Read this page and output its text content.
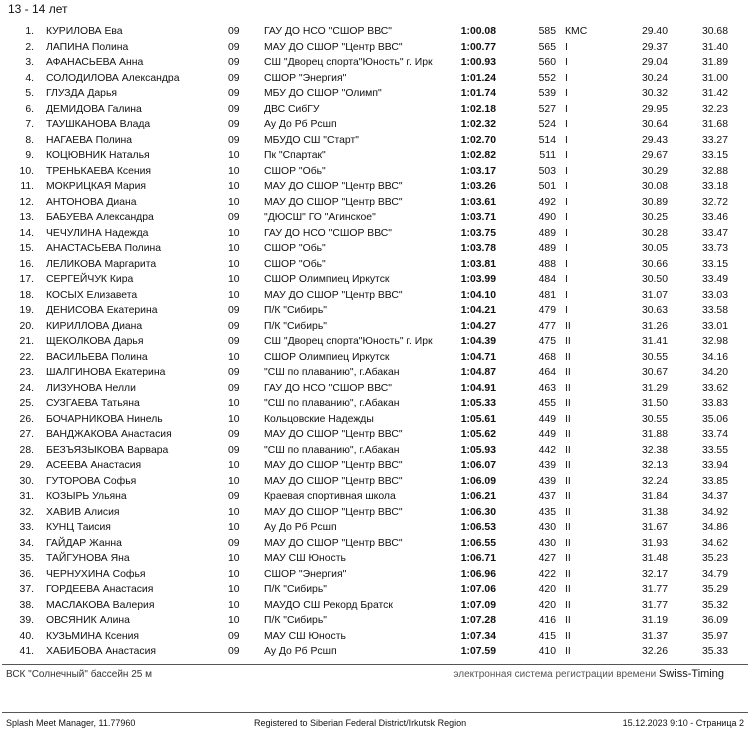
13 - 14 лет
1. КУРИЛОВА Ева	09 ГАУ ДО НСО "СШОР ВВС"	1:00.08	585 КМС	29.40	30.68
2. ЛАПИНА Полина	09 МАУ ДО СШОР "Центр ВВС"	1:00.77	565 I	29.37	31.40
3. АФАНАСЬЕВА Анна	09 СШ "Дворец спорта"Юность" г. Ирк	1:00.93	560 I	29.04	31.89
4. СОЛОДИЛОВА Александра	09 СШОР "Энергия"	1:01.24	552 I	30.24	31.00
5. ГЛУЗДА Дарья	09 МБУ ДО СШОР "Олимп"	1:01.74	539 I	30.32	31.42
6. ДЕМИДОВА Галина	09 ДВС СибГУ	1:02.18	527 I	29.95	32.23
7. ТАУШКАНОВА Влада	09 Ау До Рб Рсшп	1:02.32	524 I	30.64	31.68
8. НАГАЕВА Полина	09 МБУДО СШ "Старт"	1:02.70	514 I	29.43	33.27
9. КОЦЮВНИК Наталья	10 Пк "Спартак"	1:02.82	511 I	29.67	33.15
10. ТРЕНЬКАЕВА Ксения	10 СШОР "Обь"	1:03.17	503 I	30.29	32.88
11. МОКРИЦКАЯ Мария	10 МАУ ДО СШОР "Центр ВВС"	1:03.26	501 I	30.08	33.18
12. АНТОНОВА Диана	10 МАУ ДО СШОР "Центр ВВС"	1:03.61	492 I	30.89	32.72
13. БАБУЕВА Александра	09 "ДЮСШ" ГО "Агинское"	1:03.71	490 I	30.25	33.46
14. ЧЕЧУЛИНА Надежда	10 ГАУ ДО НСО "СШОР ВВС"	1:03.75	489 I	30.28	33.47
15. АНАСТАСЬЕВА Полина	10 СШОР "Обь"	1:03.78	489 I	30.05	33.73
16. ЛЕЛИКОВА Маргарита	10 СШОР "Обь"	1:03.81	488 I	30.66	33.15
17. СЕРГЕЙЧУК Кира	10 СШОР Олимпиец Иркутск	1:03.99	484 I	30.50	33.49
18. КОСЫХ Елизавета	10 МАУ ДО СШОР "Центр ВВС"	1:04.10	481 I	31.07	33.03
19. ДЕНИСОВА Екатерина	09 П/К "Сибирь"	1:04.21	479 I	30.63	33.58
20. КИРИЛЛОВА Диана	09 П/К "Сибирь"	1:04.27	477 II	31.26	33.01
21. ЩЕКОЛКОВА Дарья	09 СШ "Дворец спорта"Юность" г. Ирк	1:04.39	475 II	31.41	32.98
22. ВАСИЛЬЕВА Полина	10 СШОР Олимпиец Иркутск	1:04.71	468 II	30.55	34.16
23. ШАЛГИНОВА Екатерина	09 "СШ по плаванию", г.Абакан	1:04.87	464 II	30.67	34.20
24. ЛИЗУНОВА Нелли	09 ГАУ ДО НСО "СШОР ВВС"	1:04.91	463 II	31.29	33.62
25. СУЗГАЕВА Татьяна	10 "СШ по плаванию", г.Абакан	1:05.33	455 II	31.50	33.83
26. БОЧАРНИКОВА Нинель	10 Кольцовские Надежды	1:05.61	449 II	30.55	35.06
27. ВАНДЖАКОВА Анастасия	09 МАУ ДО СШОР "Центр ВВС"	1:05.62	449 II	31.88	33.74
28. БЕЗЪЯЗЫКОВА Варвара	09 "СШ по плаванию", г.Абакан	1:05.93	442 II	32.38	33.55
29. АСЕЕВА Анастасия	10 МАУ ДО СШОР "Центр ВВС"	1:06.07	439 II	32.13	33.94
30. ГУТОРОВА Софья	10 МАУ ДО СШОР "Центр ВВС"	1:06.09	439 II	32.24	33.85
31. КОЗЫРЬ Ульяна	09 Краевая спортивная школа	1:06.21	437 II	31.84	34.37
32. ХАВИВ Алисия	10 МАУ ДО СШОР "Центр ВВС"	1:06.30	435 II	31.38	34.92
33. КУНЦ Таисия	10 Ау До Рб Рсшп	1:06.53	430 II	31.67	34.86
34. ГАЙДАР Жанна	09 МАУ ДО СШОР "Центр ВВС"	1:06.55	430 II	31.93	34.62
35. ТАЙГУНОВА Яна	10 МАУ СШ Юность	1:06.71	427 II	31.48	35.23
36. ЧЕРНУХИНА Софья	10 СШОР "Энергия"	1:06.96	422 II	32.17	34.79
37. ГОРДЕЕВА Анастасия	10 П/К "Сибирь"	1:07.06	420 II	31.77	35.29
38. МАСЛАКОВА Валерия	10 МАУДО СШ Рекорд Братск	1:07.09	420 II	31.77	35.32
39. ОВСЯНИК Алина	10 П/К "Сибирь"	1:07.28	416 II	31.19	36.09
40. КУЗЬМИНА Ксения	09 МАУ СШ Юность	1:07.34	415 II	31.37	35.97
41. ХАБИБОВА Анастасия	09 Ау До Рб Рсшп	1:07.59	410 II	32.26	35.33
ВСК "Солнечный" бассейн 25 м	электронная система регистрации времени Swiss-Timing
Splash Meet Manager, 11.77960	Registered to Siberian Federal District/Irkutsk Region	15.12.2023 9:10 - Страница 2
